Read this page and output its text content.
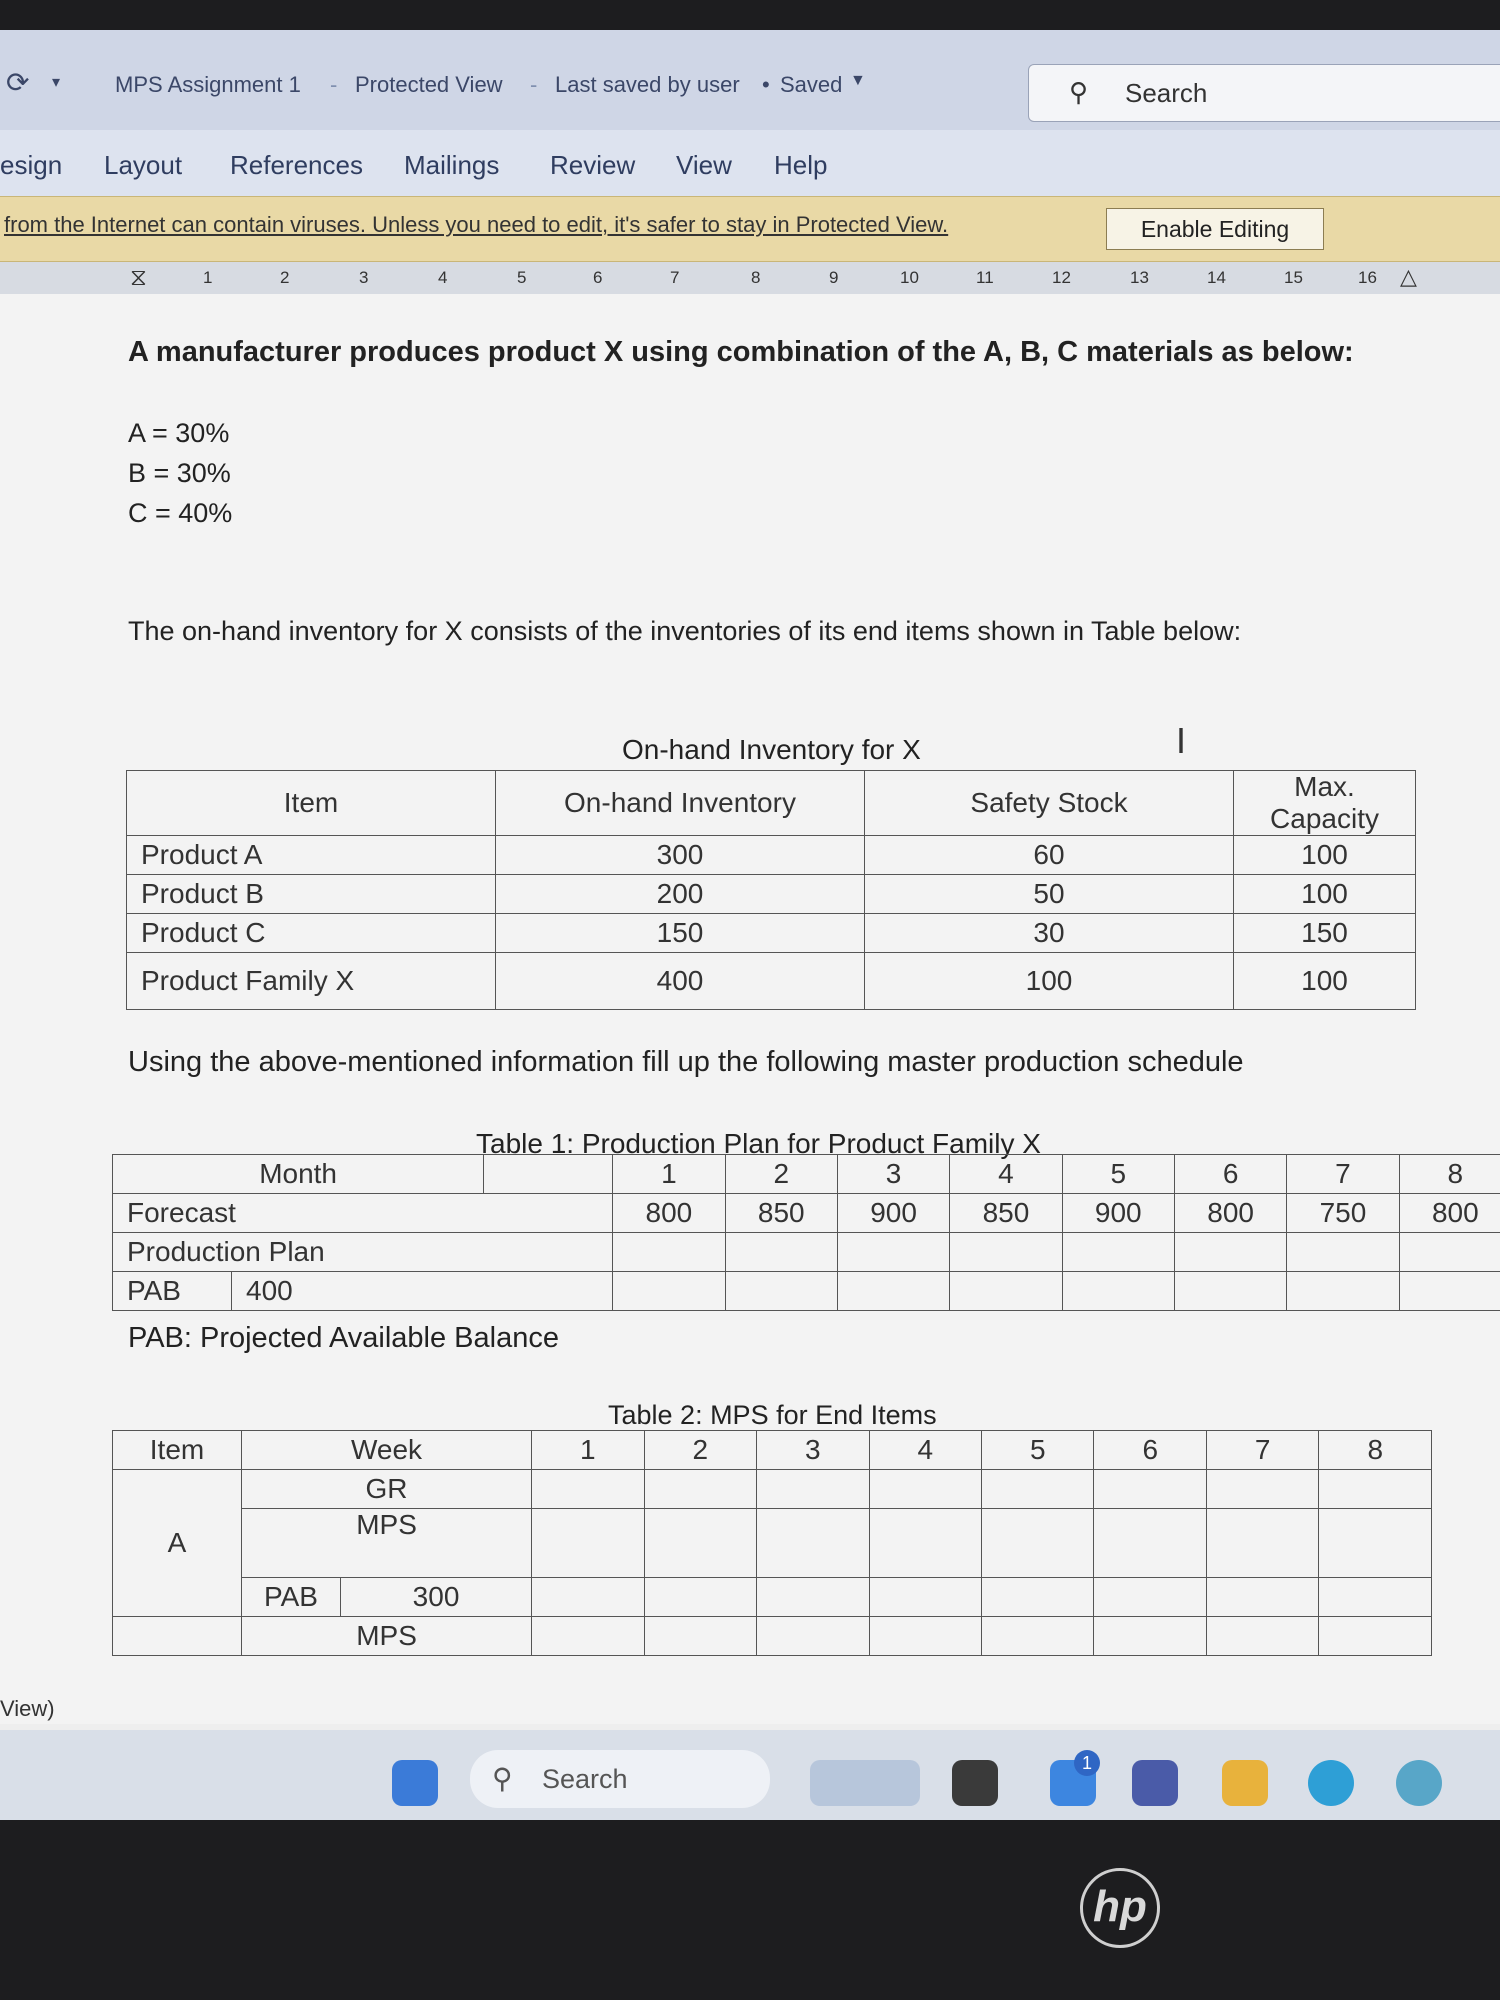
⟳ ▾ MPS Assignment 1 - Protected View - Last saved by user • Saved ▼	⚲ Search
esign Layout References Mailings Review View Help
from the Internet can contain viruses. Unless you need to edit, it's safer to stay in Protected View.	Enable Editing
⧖	1	2	3	4	5	6	7	8	9	10	11	12	13	14	15	16 △
A manufacturer produces product X using combination of the A, B, C materials as below:
A = 30%
B = 30%
C = 40%
The on-hand inventory for X consists of the inventories of its end items shown in Table below:
On-hand Inventory for X	I
Item	On-hand Inventory	Safety Stock	Max. Capacity
Product A	300	60	100
Product B	200	50	100
Product C	150	30	150
Product Family X	400	100	100
Using the above-mentioned information fill up the following master production schedule
Table 1: Production Plan for Product Family X
Month			1	2	3	4	5	6	7	8
Forecast			800	850	900	850	900	800	750	800
Production Plan										
PAB	400									
PAB: Projected Available Balance
Table 2: MPS for End Items
Item	Week		1	2	3	4	5	6	7	8
A	GR									
	MPS									
	PAB	300								
	MPS									
View)
⚲ Search
1
hp
